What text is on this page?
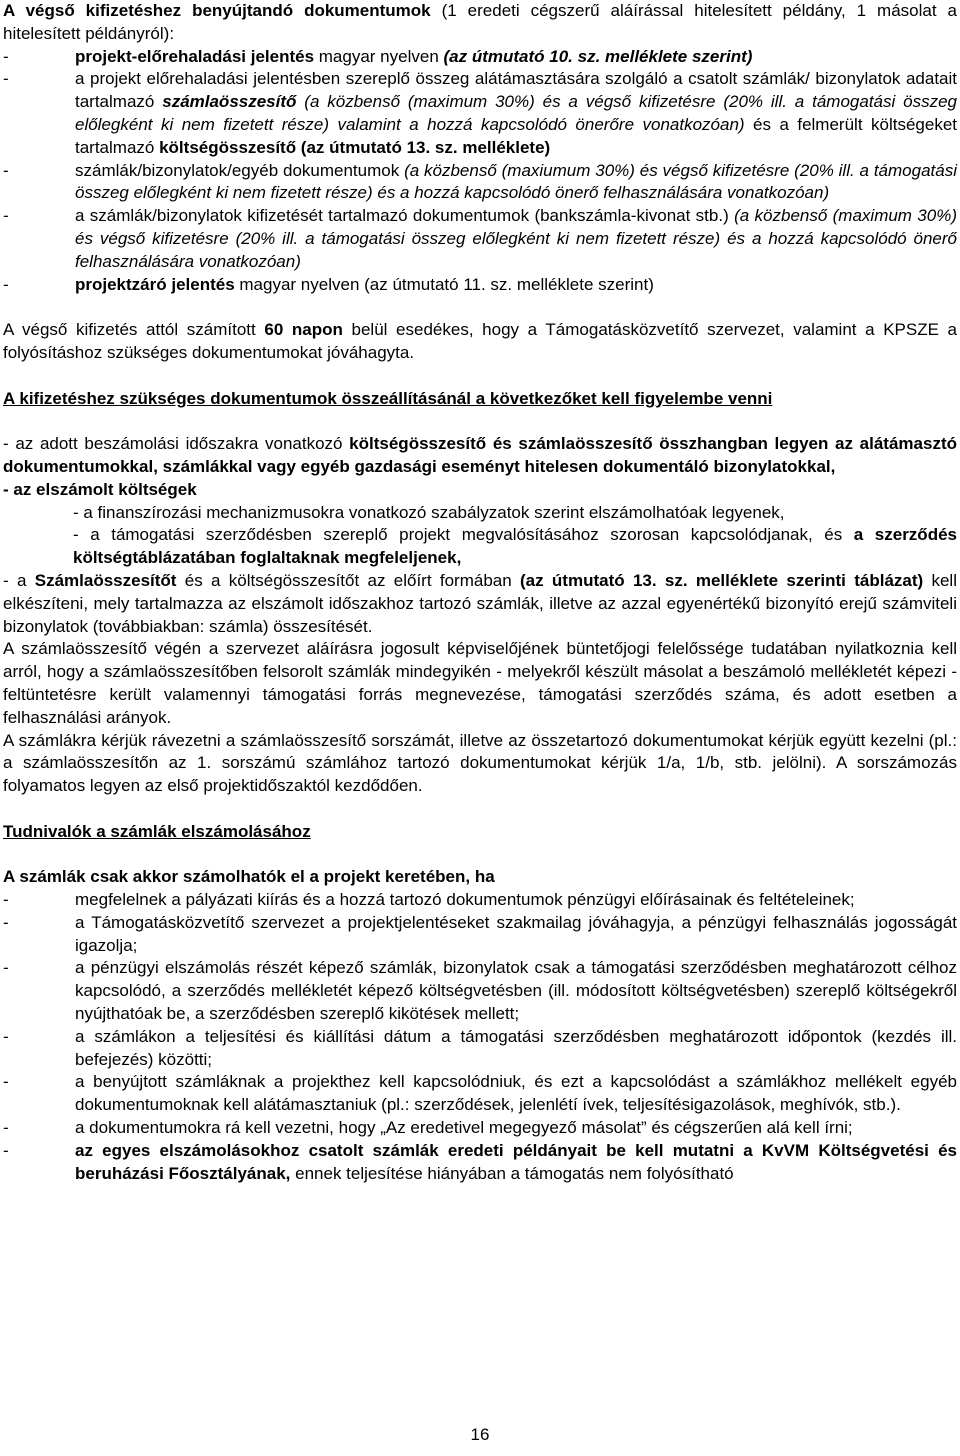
A végső kifizetéshez benyújtandó dokumentumok (1 eredeti cégszerű aláírással hitelesített példány, 1 másolat a hitelesített példányról):

-	projekt-előrehaladási jelentés magyar nyelven (az útmutató 10. sz. melléklete szerint)
-	a projekt előrehaladási jelentésben szereplő összeg alátámasztására szolgáló a csatolt számlák/ bizonylatok adatait tartalmazó számlaösszesítő (a közbenső (maximum 30%) és a végső kifizetésre (20% ill. a támogatási összeg előlegként ki nem fizetett része) valamint a hozzá kapcsolódó önerőre vonatkozóan) és a felmerült költségeket tartalmazó költségösszesítő (az útmutató 13. sz. melléklete)
-	számlák/bizonylatok/egyéb dokumentumok (a közbenső (maxiumum 30%) és végső kifizetésre (20% ill. a támogatási összeg előlegként ki nem fizetett része) és a hozzá kapcsolódó önerő felhasználására vonatkozóan)
-	a számlák/bizonylatok kifizetését tartalmazó dokumentumok (bankszámla-kivonat stb.) (a közbenső (maximum 30%) és végső kifizetésre (20% ill. a támogatási összeg előlegként ki nem fizetett része) és a hozzá kapcsolódó önerő felhasználására vonatkozóan)
-	projektzáró jelentés magyar nyelven (az útmutató 11. sz. melléklete szerint)

A végső kifizetés attól számított 60 napon belül esedékes, hogy a Támogatásközvetítő szervezet, valamint a KPSZE a folyósításhoz szükséges dokumentumokat jóváhagyta.

A kifizetéshez szükséges dokumentumok összeállításánál a következőket kell figyelembe venni

- az adott beszámolási időszakra vonatkozó költségösszesítő és számlaösszesítő összhangban legyen az alátámasztó dokumentumokkal, számlákkal vagy egyéb gazdasági eseményt hitelesen dokumentáló bizonylatokkal,

- az elszámolt költségek

- a finanszírozási mechanizmusokra vonatkozó szabályzatok szerint elszámolhatóak legyenek,

- a támogatási szerződésben szereplő projekt megvalósításához szorosan kapcsolódjanak, és a szerződés költségtáblázatában foglaltaknak megfeleljenek,

- a Számlaösszesítőt és a költségösszesítőt az előírt formában (az útmutató 13. sz. melléklete szerinti táblázat) kell elkészíteni, mely tartalmazza az elszámolt időszakhoz tartozó számlák, illetve az azzal egyenértékű bizonyító erejű számviteli bizonylatok (továbbiakban: számla) összesítését.

A számlaösszesítő végén a szervezet aláírásra jogosult képviselőjének büntetőjogi felelőssége tudatában nyilatkoznia kell arról, hogy a számlaösszesítőben felsorolt számlák mindegyikén - melyekről készült másolat a beszámoló mellékletét képezi - feltüntetésre került valamennyi támogatási forrás megnevezése, támogatási szerződés száma, és adott esetben a felhasználási arányok.

A számlákra kérjük rávezetni a számlaösszesítő sorszámát, illetve az összetartozó dokumentumokat kérjük együtt kezelni (pl.: a számlaösszesítőn az 1. sorszámú számlához tartozó dokumentumokat kérjük 1/a, 1/b, stb. jelölni). A sorszámozás folyamatos legyen az első projektidőszaktól kezdődően.

Tudnivalók a számlák elszámolásához

A számlák csak akkor számolhatók el a projekt keretében, ha

-	megfelelnek a pályázati kiírás és a hozzá tartozó dokumentumok pénzügyi előírásainak és feltételeinek;
-	a Támogatásközvetítő szervezet a projektjelentéseket szakmailag jóváhagyja, a pénzügyi felhasználás jogosságát igazolja;
-	a pénzügyi elszámolás részét képező számlák, bizonylatok csak a támogatási szerződésben meghatározott célhoz kapcsolódó, a szerződés mellékletét képező költségvetésben (ill. módosított költségvetésben) szereplő költségekről nyújthatóak be, a szerződésben szereplő kikötések mellett;
-	a számlákon a teljesítési és kiállítási dátum a támogatási szerződésben meghatározott időpontok (kezdés ill. befejezés) közötti;
-	a benyújtott számláknak a projekthez kell kapcsolódniuk, és ezt a kapcsolódást a számlákhoz mellékelt egyéb dokumentumoknak kell alátámasztaniuk (pl.: szerződések, jelenlétí ívek, teljesítésigazolások, meghívók, stb.).
-	a dokumentumokra rá kell vezetni, hogy „Az eredetivel megegyező másolat” és cégszerűen alá kell írni;
-	az egyes elszámolásokhoz csatolt számlák eredeti példányait be kell mutatni a KvVM Költségvetési és beruházási Főosztályának, ennek teljesítése hiányában a támogatás nem folyósítható
16
